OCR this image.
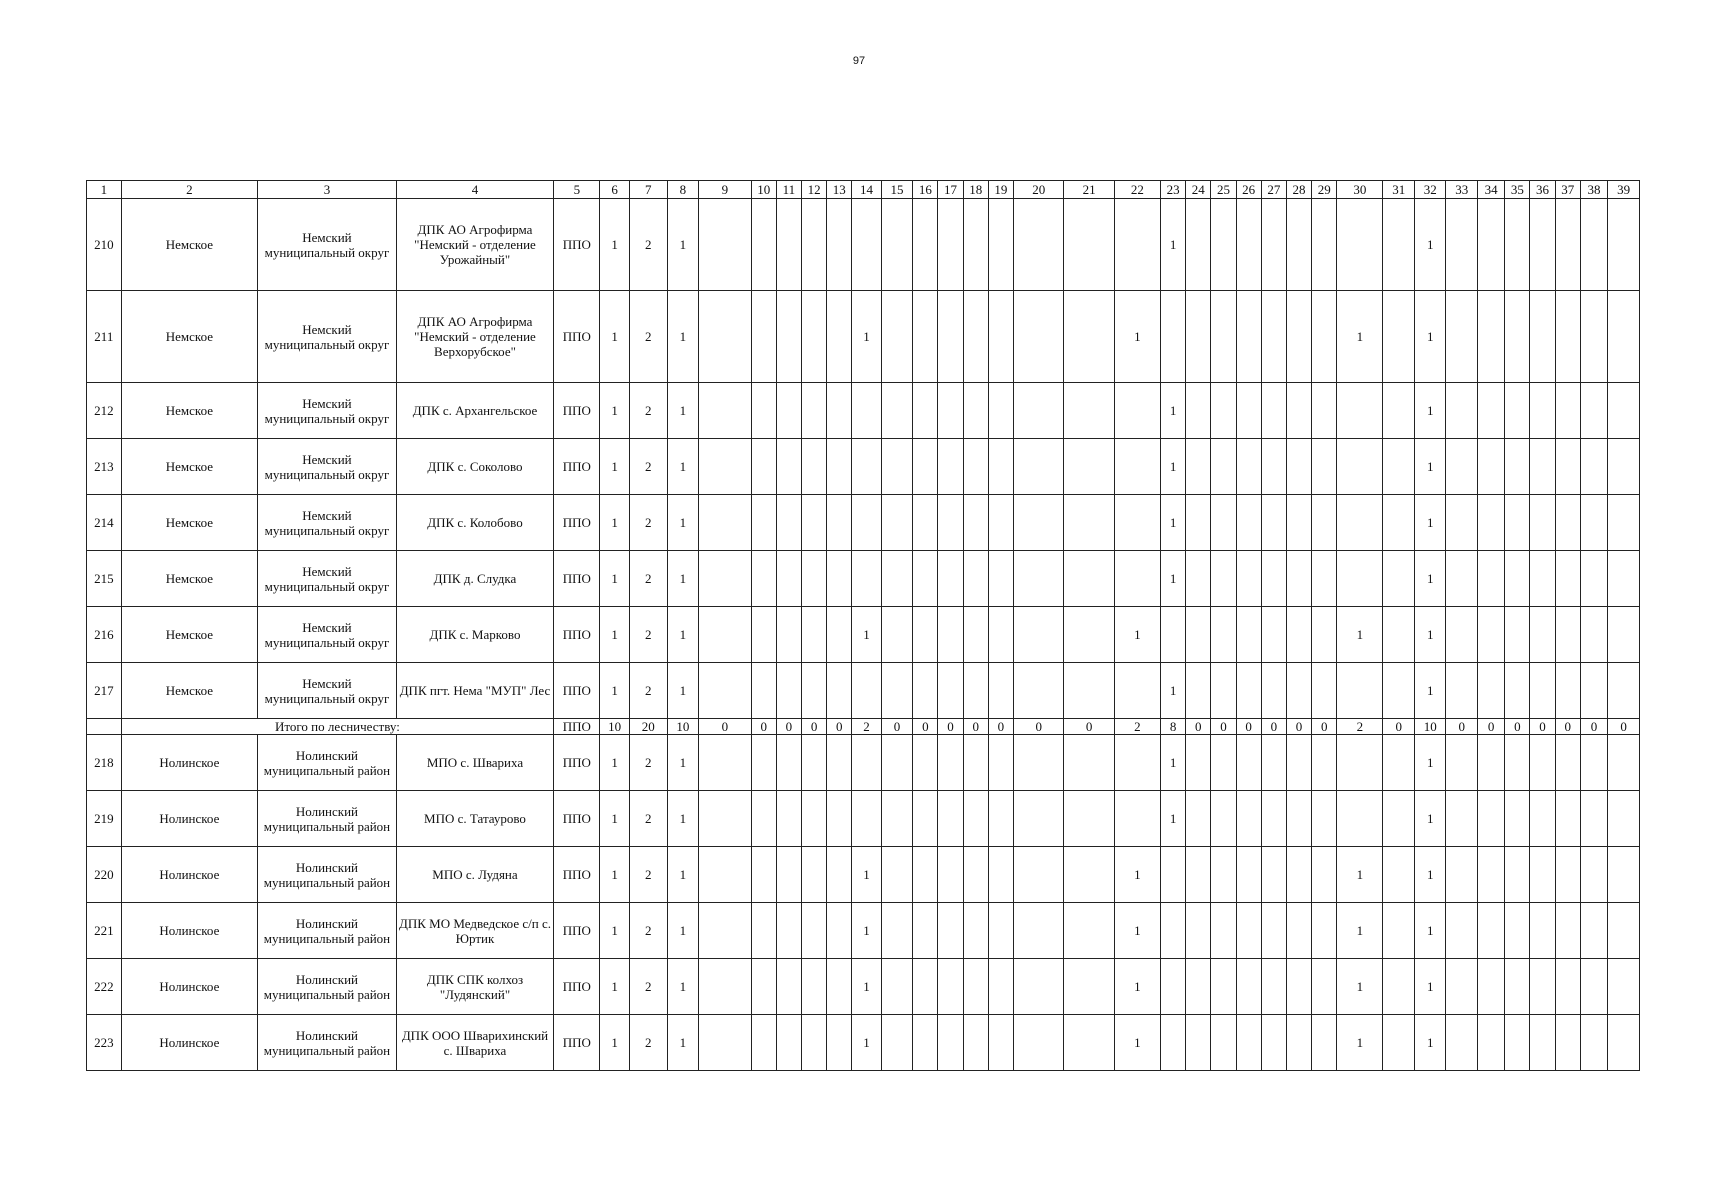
97
1	2	3	4	5	6	7	8	9	10	11	12	13	14	15	16	17	18	19	20	21	22	23	24	25	26	27	28	29	30	31	32	33	34	35	36	37	38	39
210	Немское	Немский муниципальный округ	ДПК АО Агрофирма "Немский - отделение Урожайный"	ППО	1	2	1															1									1							
211	Немское	Немский муниципальный округ	ДПК АО Агрофирма "Немский - отделение Верхорубское"	ППО	1	2	1						1								1								1		1							
212	Немское	Немский муниципальный округ	ДПК с. Архангельское	ППО	1	2	1															1									1							
213	Немское	Немский муниципальный округ	ДПК с. Соколово	ППО	1	2	1															1									1							
214	Немское	Немский муниципальный округ	ДПК с. Колобово	ППО	1	2	1															1									1							
215	Немское	Немский муниципальный округ	ДПК д. Слудка	ППО	1	2	1															1									1							
216	Немское	Немский муниципальный округ	ДПК с. Марково	ППО	1	2	1						1								1								1		1							
217	Немское	Немский муниципальный округ	ДПК пгт. Нема "МУП" Лес	ППО	1	2	1															1									1							
	Итого по лесничеству:			ППО	10	20	10	0	0	0	0	0	2	0	0	0	0	0	0	0	2	8	0	0	0	0	0	0	2	0	10	0	0	0	0	0	0	0
218	Нолинское	Нолинский муниципальный район	МПО с. Швариха	ППО	1	2	1															1									1							
219	Нолинское	Нолинский муниципальный район	МПО с. Татаурово	ППО	1	2	1															1									1							
220	Нолинское	Нолинский муниципальный район	МПО с. Лудяна	ППО	1	2	1						1								1								1		1							
221	Нолинское	Нолинский муниципальный район	ДПК МО Медведское с/п с. Юртик	ППО	1	2	1						1								1								1		1							
222	Нолинское	Нолинский муниципальный район	ДПК СПК колхоз "Лудянский"	ППО	1	2	1						1								1								1		1							
223	Нолинское	Нолинский муниципальный район	ДПК ООО Шварихинский с. Швариха	ППО	1	2	1						1								1								1		1							
